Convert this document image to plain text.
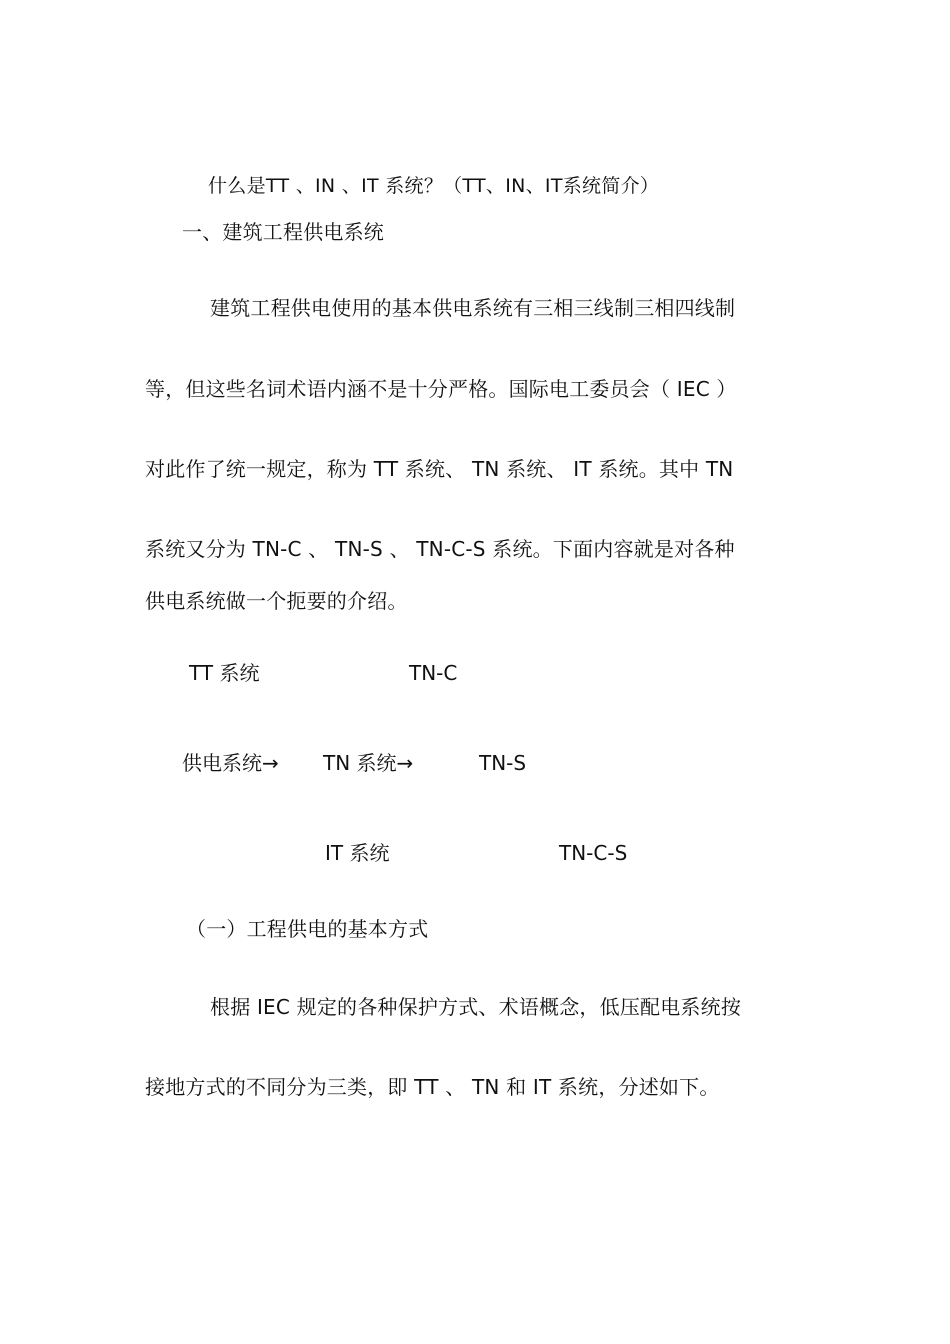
什么是TT 、IN 、IT 系统？（TT、IN、IT系统简介）
一、建筑工程供电系统
建筑工程供电使用的基本供电系统有三相三线制三相四线制
等，但这些名词术语内涵不是十分严格。国际电工委员会（ IEC ）
对此作了统一规定，称为 TT 系统、 TN 系统、 IT 系统。其中 TN
系统又分为 TN-C 、 TN-S 、 TN-C-S 系统。下面内容就是对各种
供电系统做一个扼要的介绍。
TT 系统	TN-C
供电系统→ TN 系统→	TN-S
IT 系统	TN-C-S
（一）工程供电的基本方式
根据 IEC 规定的各种保护方式、术语概念，低压配电系统按
接地方式的不同分为三类，即 TT 、 TN 和 IT 系统，分述如下。
